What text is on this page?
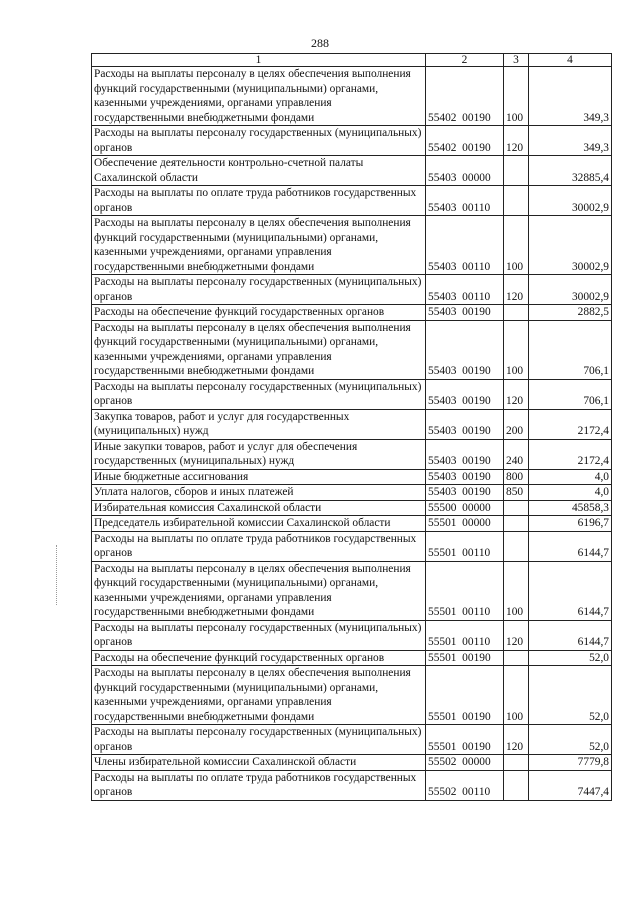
288
1	2	3	4
Расходы на выплаты персоналу в целях обеспечения выполнения функций государственными (муниципальными) органами, казенными учреждениями, органами управления государственными внебюджетными фондами	55402  00190	100	349,3
Расходы на выплаты персоналу государственных (муниципальных) органов	55402  00190	120	349,3
Обеспечение деятельности контрольно-счетной палаты Сахалинской области	55403  00000		32885,4
Расходы на выплаты по оплате труда работников государственных органов	55403  00110		30002,9
Расходы на выплаты персоналу в целях обеспечения выполнения функций государственными (муниципальными) органами, казенными учреждениями, органами управления государственными внебюджетными фондами	55403  00110	100	30002,9
Расходы на выплаты персоналу государственных (муниципальных) органов	55403  00110	120	30002,9
Расходы на обеспечение функций государственных органов	55403  00190		2882,5
Расходы на выплаты персоналу в целях обеспечения выполнения функций государственными (муниципальными) органами, казенными учреждениями, органами управления государственными внебюджетными фондами	55403  00190	100	706,1
Расходы на выплаты персоналу государственных (муниципальных) органов	55403  00190	120	706,1
Закупка товаров, работ и услуг для государственных (муниципальных) нужд	55403  00190	200	2172,4
Иные закупки товаров, работ и услуг для обеспечения государственных (муниципальных) нужд	55403  00190	240	2172,4
Иные бюджетные ассигнования	55403  00190	800	4,0
Уплата налогов, сборов и иных платежей	55403  00190	850	4,0
Избирательная комиссия Сахалинской области	55500  00000		45858,3
Председатель избирательной комиссии Сахалинской области	55501  00000		6196,7
Расходы на выплаты по оплате труда работников государственных органов	55501  00110		6144,7
Расходы на выплаты персоналу в целях обеспечения выполнения функций государственными (муниципальными) органами, казенными учреждениями, органами управления государственными внебюджетными фондами	55501  00110	100	6144,7
Расходы на выплаты персоналу государственных (муниципальных) органов	55501  00110	120	6144,7
Расходы на обеспечение функций государственных органов	55501  00190		52,0
Расходы на выплаты персоналу в целях обеспечения выполнения функций государственными (муниципальными) органами, казенными учреждениями, органами управления государственными внебюджетными фондами	55501  00190	100	52,0
Расходы на выплаты персоналу государственных (муниципальных) органов	55501  00190	120	52,0
Члены избирательной комиссии Сахалинской области	55502  00000		7779,8
Расходы на выплаты по оплате труда работников государственных органов	55502  00110		7447,4
